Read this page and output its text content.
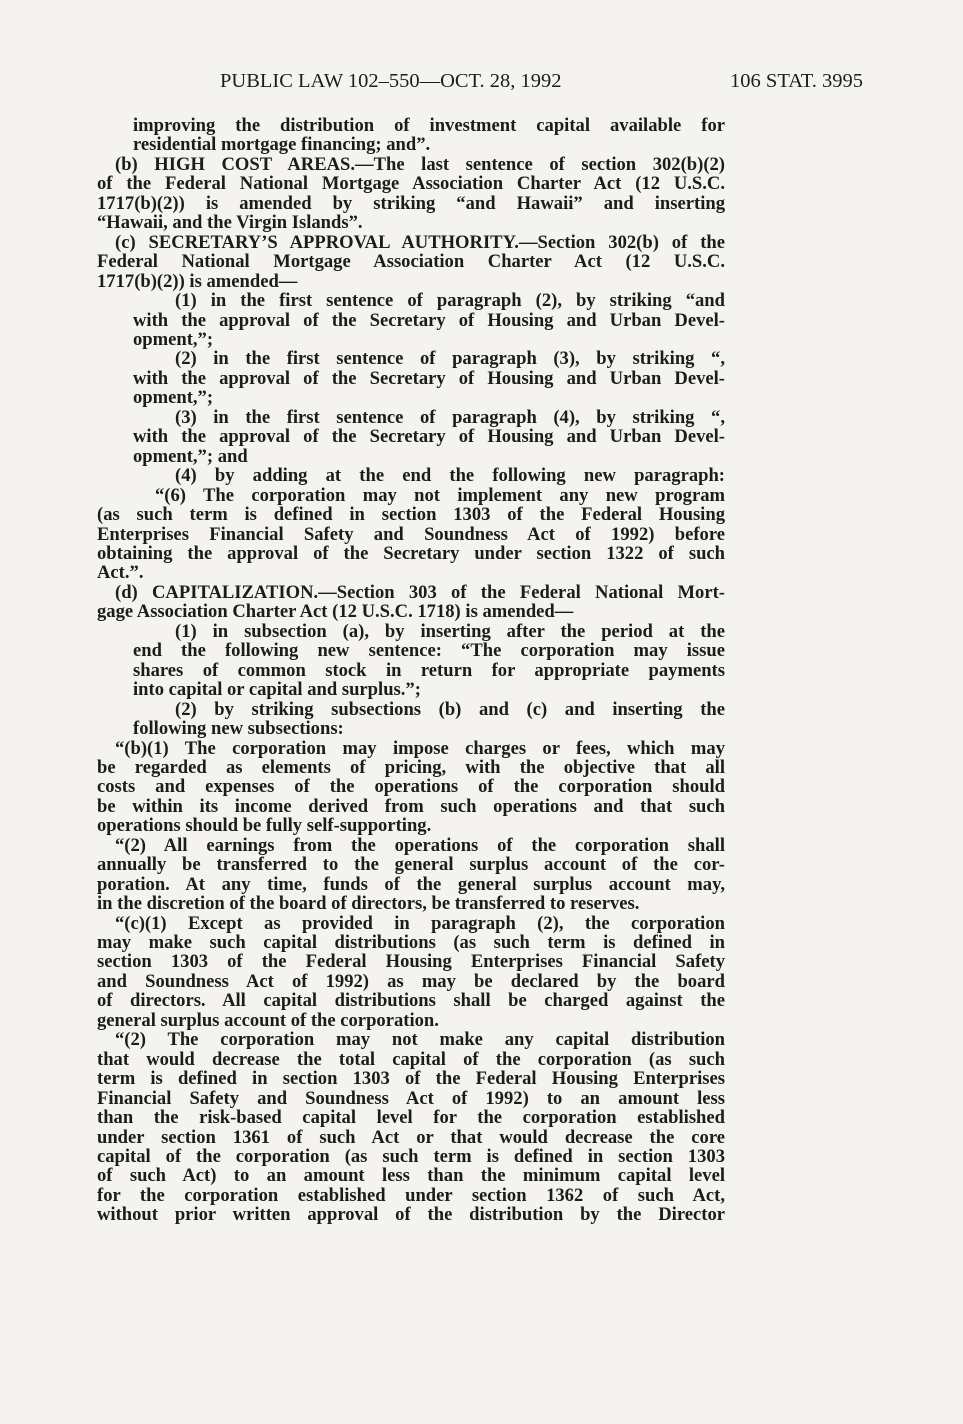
PUBLIC LAW 102–550—OCT. 28, 1992	106 STAT. 3995
improving the distribution of investment capital available for
residential mortgage financing; and”.
(b) HIGH COST AREAS.—The last sentence of section 302(b)(2)
of the Federal National Mortgage Association Charter Act (12 U.S.C.
1717(b)(2)) is amended by striking “and Hawaii” and inserting
“Hawaii, and the Virgin Islands”.
(c) SECRETARY’S APPROVAL AUTHORITY.—Section 302(b) of the
Federal National Mortgage Association Charter Act (12 U.S.C.
1717(b)(2)) is amended—
(1) in the first sentence of paragraph (2), by striking “and
with the approval of the Secretary of Housing and Urban Devel-
opment,”;
(2) in the first sentence of paragraph (3), by striking “,
with the approval of the Secretary of Housing and Urban Devel-
opment,”;
(3) in the first sentence of paragraph (4), by striking “,
with the approval of the Secretary of Housing and Urban Devel-
opment,”; and
(4) by adding at the end the following new paragraph:
“(6) The corporation may not implement any new program
(as such term is defined in section 1303 of the Federal Housing
Enterprises Financial Safety and Soundness Act of 1992) before
obtaining the approval of the Secretary under section 1322 of such
Act.”.
(d) CAPITALIZATION.—Section 303 of the Federal National Mort-
gage Association Charter Act (12 U.S.C. 1718) is amended—
(1) in subsection (a), by inserting after the period at the
end the following new sentence: “The corporation may issue
shares of common stock in return for appropriate payments
into capital or capital and surplus.”;
(2) by striking subsections (b) and (c) and inserting the
following new subsections:
“(b)(1) The corporation may impose charges or fees, which may
be regarded as elements of pricing, with the objective that all
costs and expenses of the operations of the corporation should
be within its income derived from such operations and that such
operations should be fully self-supporting.
“(2) All earnings from the operations of the corporation shall
annually be transferred to the general surplus account of the cor-
poration. At any time, funds of the general surplus account may,
in the discretion of the board of directors, be transferred to reserves.
“(c)(1) Except as provided in paragraph (2), the corporation
may make such capital distributions (as such term is defined in
section 1303 of the Federal Housing Enterprises Financial Safety
and Soundness Act of 1992) as may be declared by the board
of directors. All capital distributions shall be charged against the
general surplus account of the corporation.
“(2) The corporation may not make any capital distribution
that would decrease the total capital of the corporation (as such
term is defined in section 1303 of the Federal Housing Enterprises
Financial Safety and Soundness Act of 1992) to an amount less
than the risk-based capital level for the corporation established
under section 1361 of such Act or that would decrease the core
capital of the corporation (as such term is defined in section 1303
of such Act) to an amount less than the minimum capital level
for the corporation established under section 1362 of such Act,
without prior written approval of the distribution by the Director
